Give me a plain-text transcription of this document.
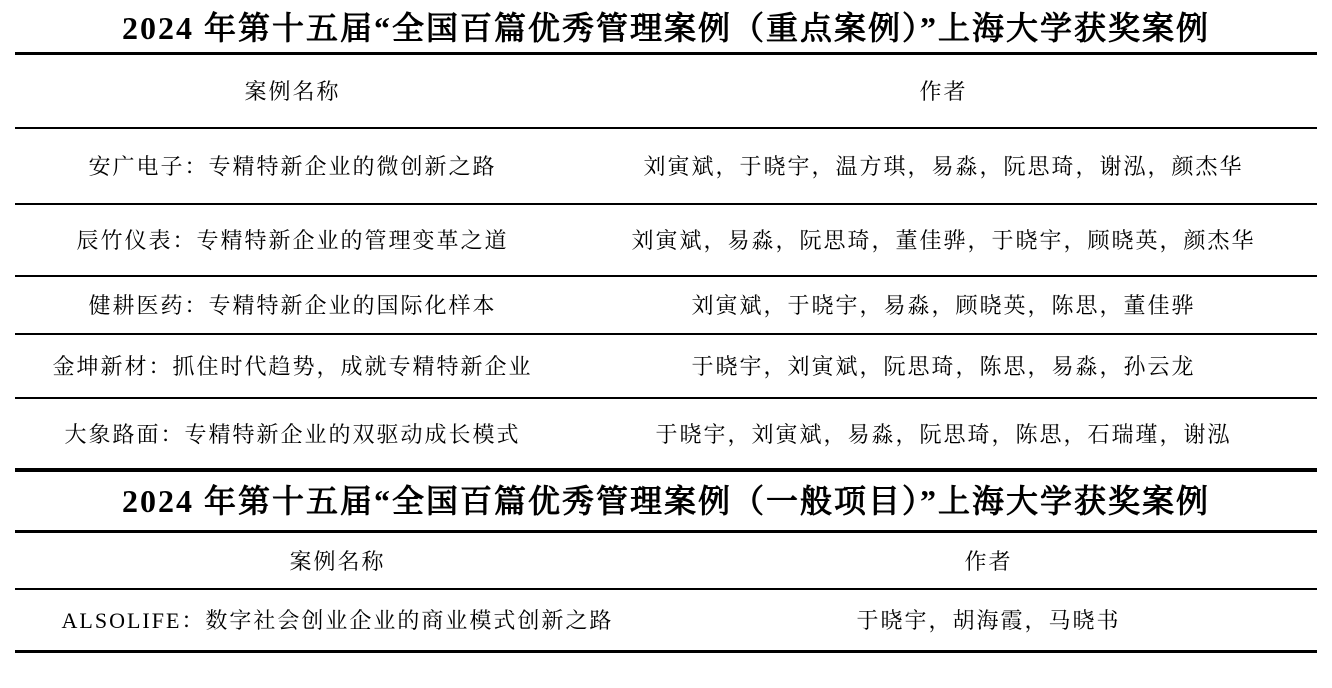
2024 年第十五届“全国百篇优秀管理案例（重点案例）”上海大学获奖案例
案例名称	作者
安广电子：专精特新企业的微创新之路	刘寅斌，于晓宇，温方琪，易淼，阮思琦，谢泓，颜杰华
辰竹仪表：专精特新企业的管理变革之道	刘寅斌，易淼，阮思琦，董佳骅，于晓宇，顾晓英，颜杰华
健耕医药：专精特新企业的国际化样本	刘寅斌，于晓宇，易淼，顾晓英，陈思，董佳骅
金坤新材：抓住时代趋势，成就专精特新企业	于晓宇，刘寅斌，阮思琦，陈思，易淼，孙云龙
大象路面：专精特新企业的双驱动成长模式	于晓宇，刘寅斌，易淼，阮思琦，陈思，石瑞瑾，谢泓
2024 年第十五届“全国百篇优秀管理案例（一般项目）”上海大学获奖案例
案例名称	作者
ALSOLIFE：数字社会创业企业的商业模式创新之路	于晓宇，胡海霞，马晓书
